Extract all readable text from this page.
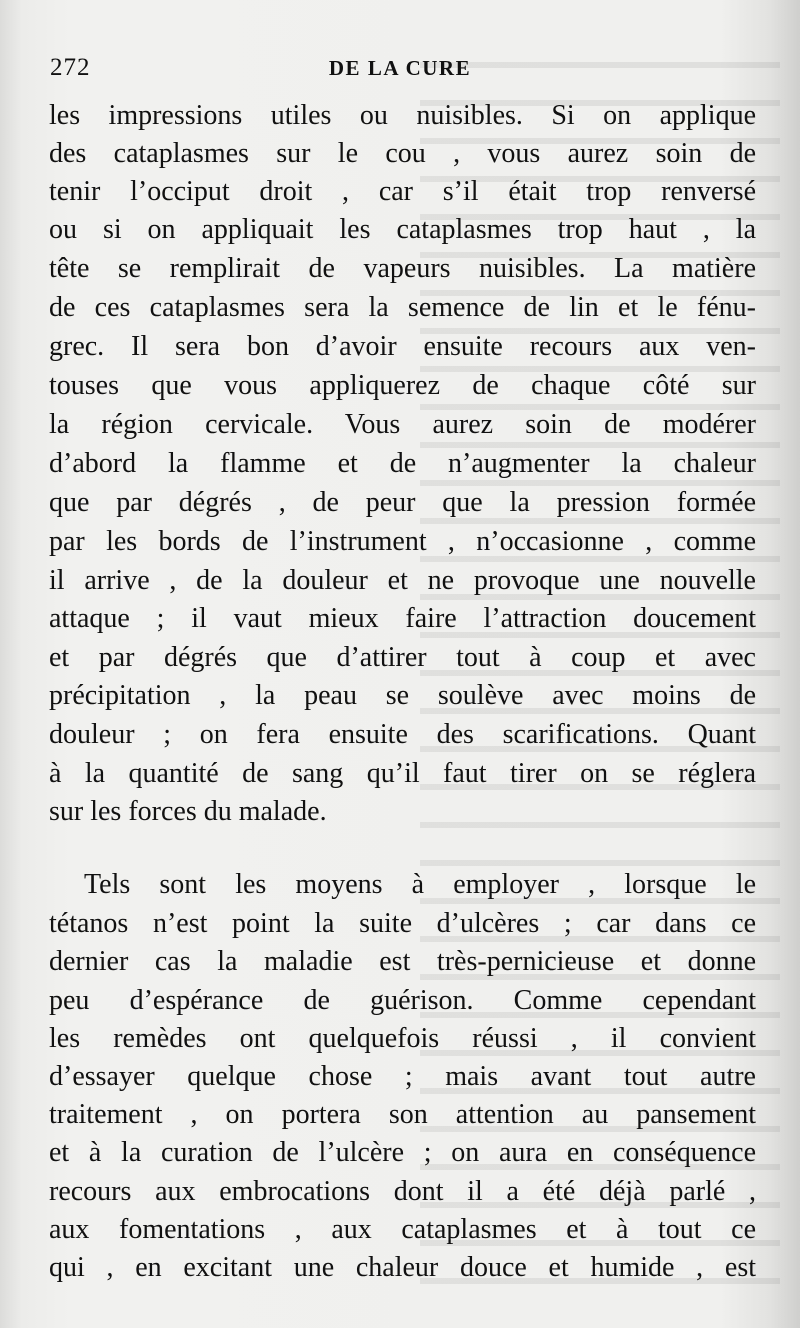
272	DE LA CURE
les impressions utiles ou nuisibles. Si on applique
des cataplasmes sur le cou , vous aurez soin de
tenir l’occiput droit , car s’il était trop renversé
ou si on appliquait les cataplasmes trop haut , la
tête se remplirait de vapeurs nuisibles. La matière
de ces cataplasmes sera la semence de lin et le fénu-
grec. Il sera bon d’avoir ensuite recours aux ven-
touses que vous appliquerez de chaque côté sur
la région cervicale. Vous aurez soin de modérer
d’abord la flamme et de n’augmenter la chaleur
que par dégrés , de peur que la pression formée
par les bords de l’instrument , n’occasionne , comme
il arrive , de la douleur et ne provoque une nouvelle
attaque ; il vaut mieux faire l’attraction doucement
et par dégrés que d’attirer tout à coup et avec
précipitation , la peau se soulève avec moins de
douleur ; on fera ensuite des scarifications. Quant
à la quantité de sang qu’il faut tirer on se réglera
sur les forces du malade.
Tels sont les moyens à employer , lorsque le
tétanos n’est point la suite d’ulcères ; car dans ce
dernier cas la maladie est très-pernicieuse et donne
peu d’espérance de guérison. Comme cependant
les remèdes ont quelquefois réussi , il convient
d’essayer quelque chose ; mais avant tout autre
traitement , on portera son attention au pansement
et à la curation de l’ulcère ; on aura en conséquence
recours aux embrocations dont il a été déjà parlé ,
aux fomentations , aux cataplasmes et à tout ce
qui , en excitant une chaleur douce et humide , est
